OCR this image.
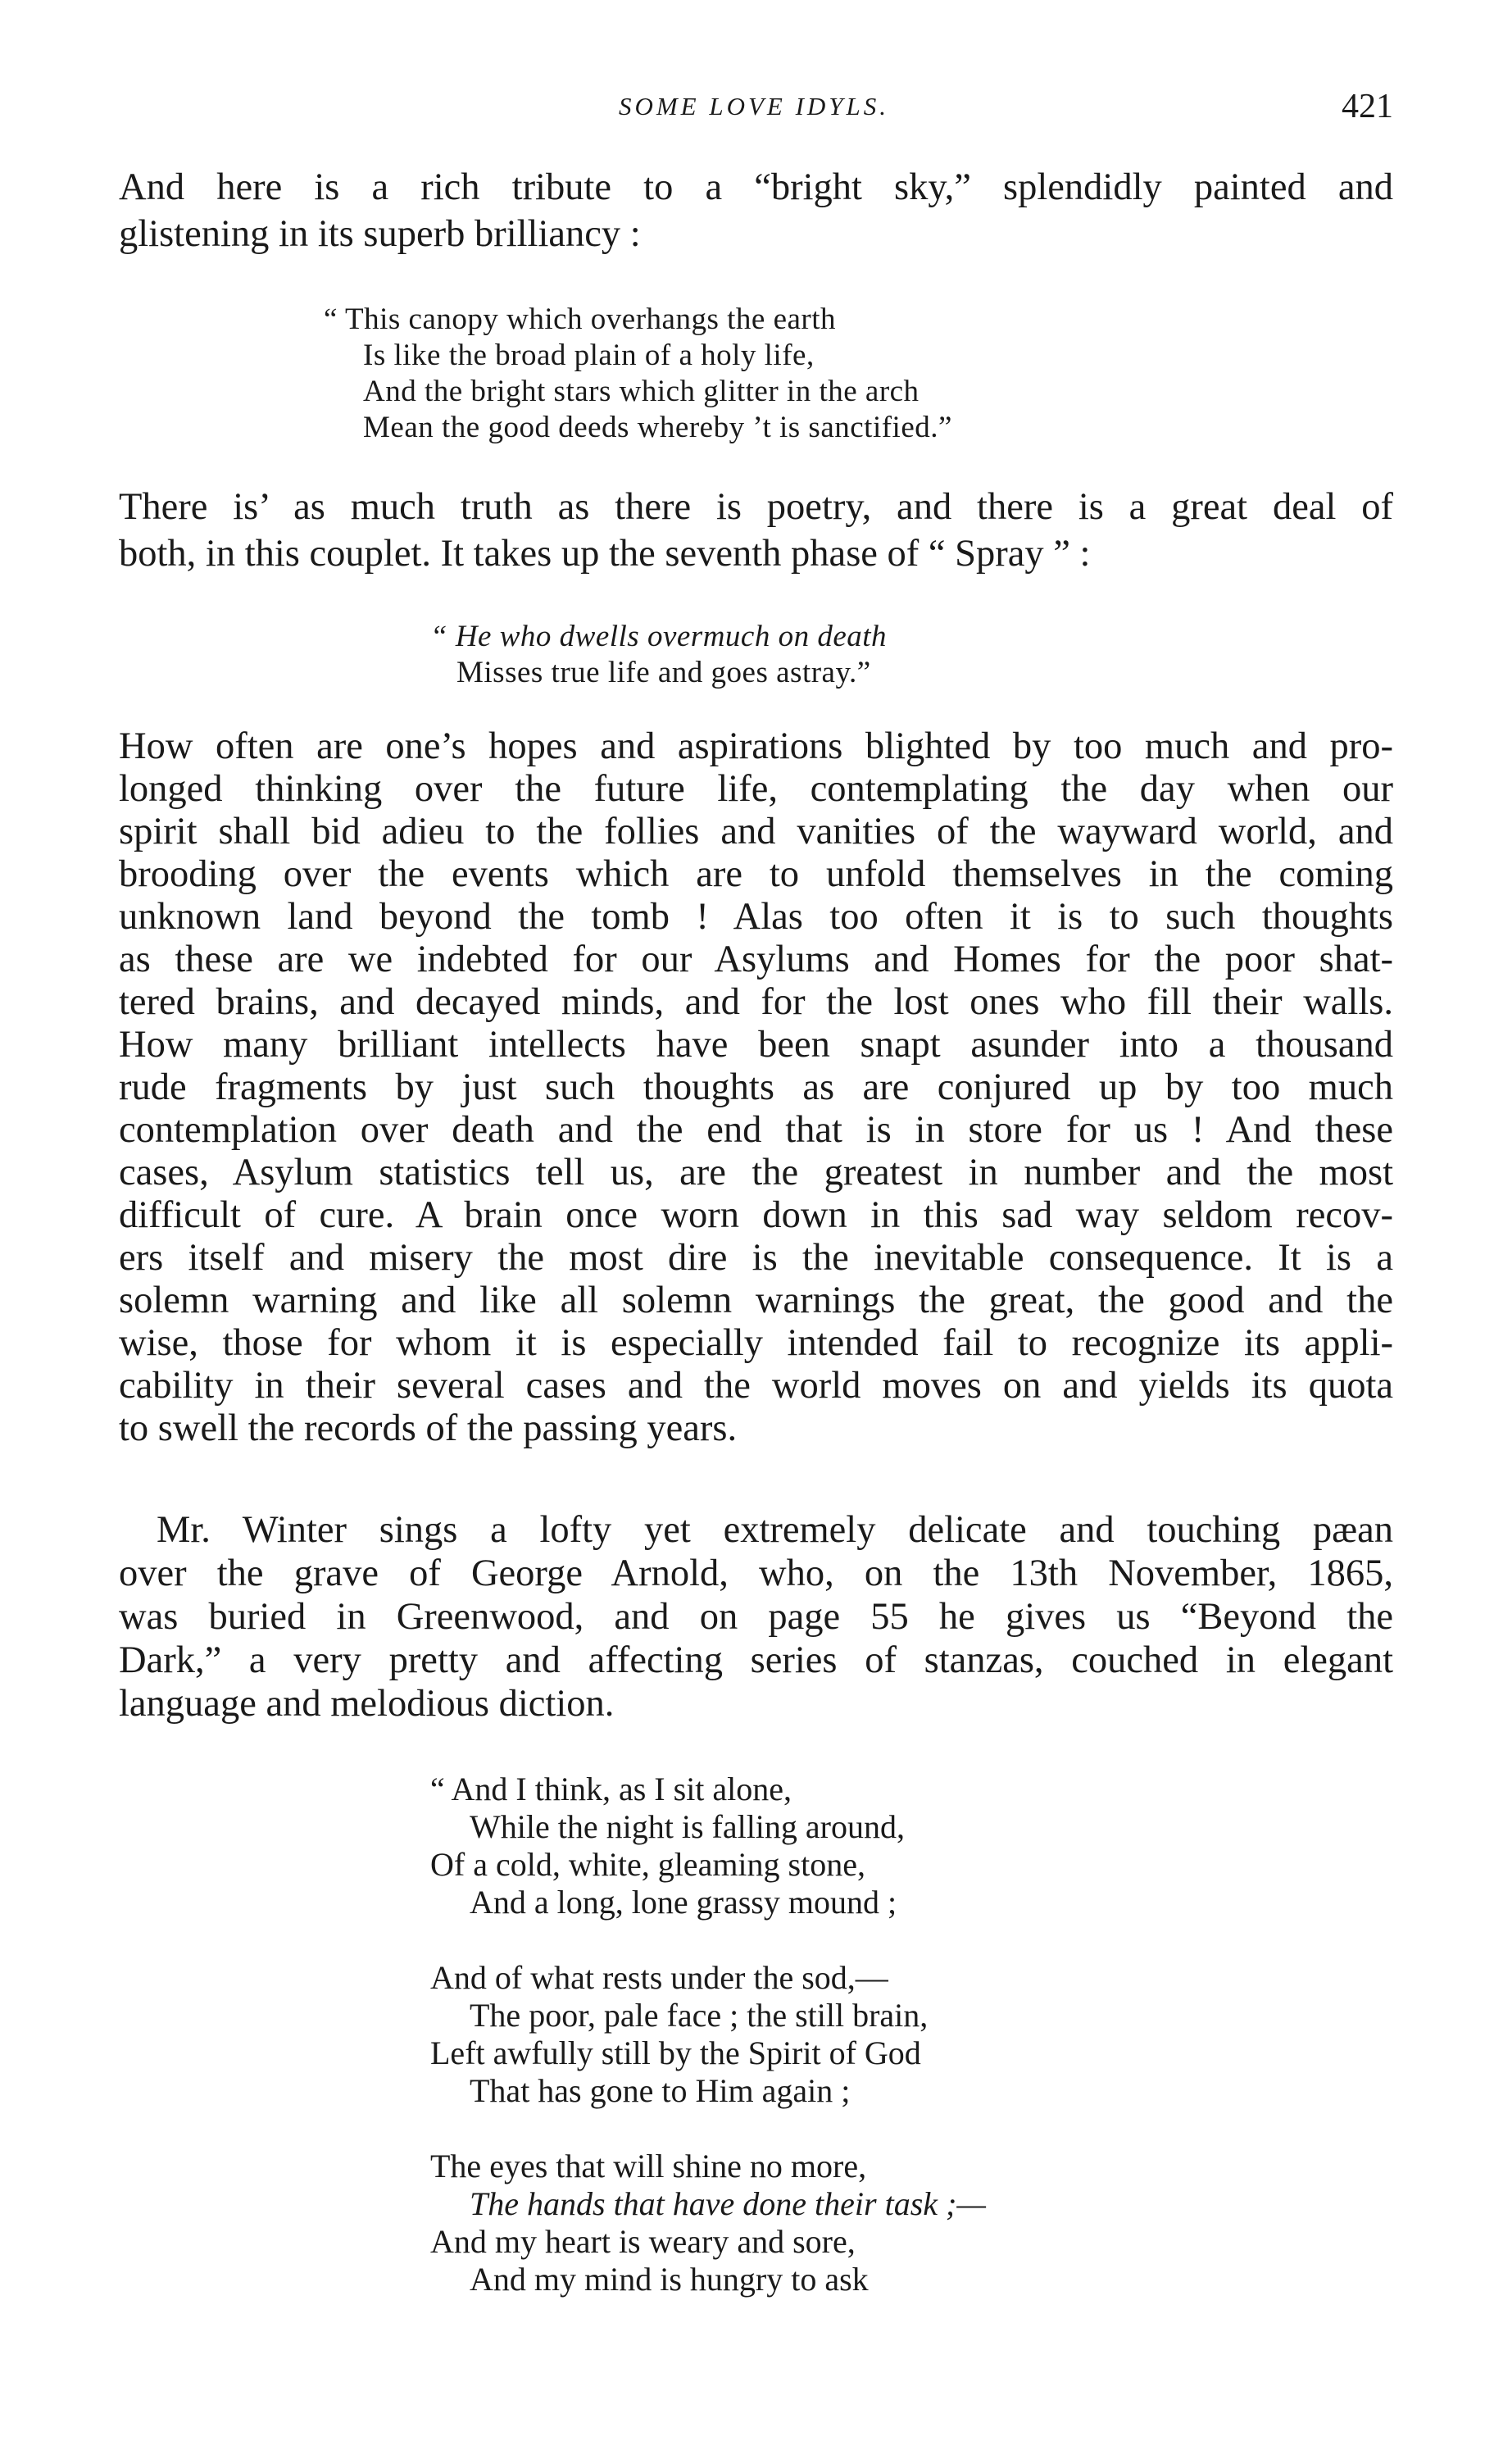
SOME LOVE IDYLS.	421
And here is a rich tribute to a “bright sky,” splendidly painted and
glistening in its superb brilliancy :
“ This canopy which overhangs the earth
Is like the broad plain of a holy life,
And the bright stars which glitter in the arch
Mean the good deeds whereby ’t is sanctified.”
There is’ as much truth as there is poetry, and there is a great deal of
both, in this couplet. It takes up the seventh phase of “ Spray ” :
“ He who dwells overmuch on death
Misses true life and goes astray.”
How often are one’s hopes and aspirations blighted by too much and pro-
longed thinking over the future life, contemplating the day when our
spirit shall bid adieu to the follies and vanities of the wayward world, and
brooding over the events which are to unfold themselves in the coming
unknown land beyond the tomb ! Alas too often it is to such thoughts
as these are we indebted for our Asylums and Homes for the poor shat-
tered brains, and decayed minds, and for the lost ones who fill their walls.
How many brilliant intellects have been snapt asunder into a thousand
rude fragments by just such thoughts as are conjured up by too much
contemplation over death and the end that is in store for us ! And these
cases, Asylum statistics tell us, are the greatest in number and the most
difficult of cure. A brain once worn down in this sad way seldom recov-
ers itself and misery the most dire is the inevitable consequence. It is a
solemn warning and like all solemn warnings the great, the good and the
wise, those for whom it is especially intended fail to recognize its appli-
cability in their several cases and the world moves on and yields its quota
to swell the records of the passing years.
Mr. Winter sings a lofty yet extremely delicate and touching pæan
over the grave of George Arnold, who, on the 13th November, 1865,
was buried in Greenwood, and on page 55 he gives us “Beyond the
Dark,” a very pretty and affecting series of stanzas, couched in elegant
language and melodious diction.
“ And I think, as I sit alone,
While the night is falling around,
Of a cold, white, gleaming stone,
And a long, lone grassy mound ;
And of what rests under the sod,—
The poor, pale face ; the still brain,
Left awfully still by the Spirit of God
That has gone to Him again ;
The eyes that will shine no more,
The hands that have done their task ;—
And my heart is weary and sore,
And my mind is hungry to ask
